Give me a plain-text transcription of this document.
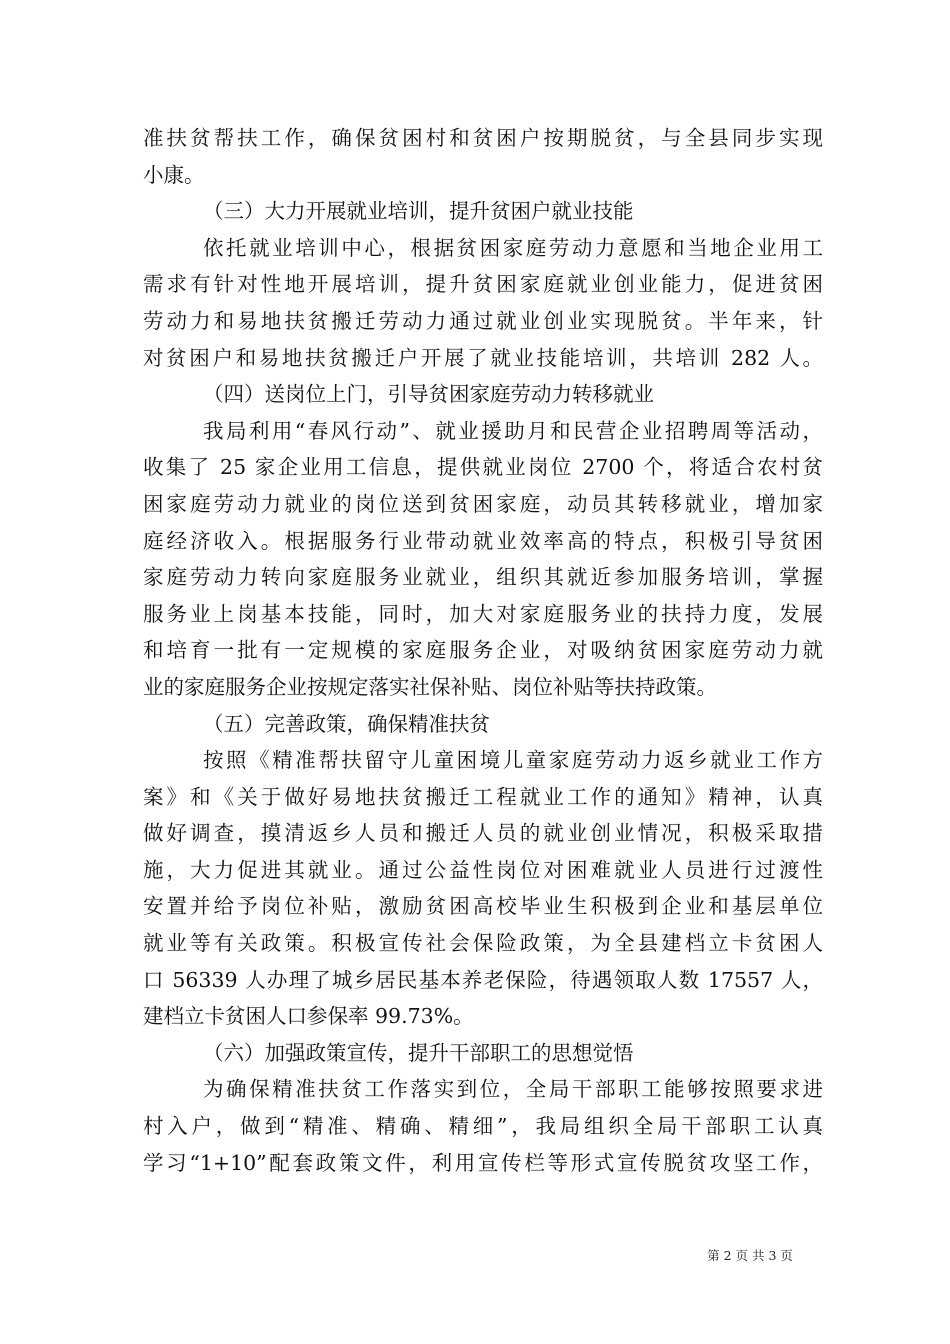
准扶贫帮扶工作，确保贫困村和贫困户按期脱贫，与全县同步实现
小康。
（三）大力开展就业培训，提升贫困户就业技能
依托就业培训中心，根据贫困家庭劳动力意愿和当地企业用工
需求有针对性地开展培训，提升贫困家庭就业创业能力，促进贫困
劳动力和易地扶贫搬迁劳动力通过就业创业实现脱贫。半年来，针
对贫困户和易地扶贫搬迁户开展了就业技能培训，共培训 282 人。
（四）送岗位上门，引导贫困家庭劳动力转移就业
我局利用“春风行动”、就业援助月和民营企业招聘周等活动，
收集了 25 家企业用工信息，提供就业岗位 2700 个，将适合农村贫
困家庭劳动力就业的岗位送到贫困家庭，动员其转移就业，增加家
庭经济收入。根据服务行业带动就业效率高的特点，积极引导贫困
家庭劳动力转向家庭服务业就业，组织其就近参加服务培训，掌握
服务业上岗基本技能，同时，加大对家庭服务业的扶持力度，发展
和培育一批有一定规模的家庭服务企业，对吸纳贫困家庭劳动力就
业的家庭服务企业按规定落实社保补贴、岗位补贴等扶持政策。
（五）完善政策，确保精准扶贫
按照《精准帮扶留守儿童困境儿童家庭劳动力返乡就业工作方
案》和《关于做好易地扶贫搬迁工程就业工作的通知》精神，认真
做好调查，摸清返乡人员和搬迁人员的就业创业情况，积极采取措
施，大力促进其就业。通过公益性岗位对困难就业人员进行过渡性
安置并给予岗位补贴，激励贫困高校毕业生积极到企业和基层单位
就业等有关政策。积极宣传社会保险政策，为全县建档立卡贫困人
口 56339 人办理了城乡居民基本养老保险，待遇领取人数 17557 人，
建档立卡贫困人口参保率 99.73%。
（六）加强政策宣传，提升干部职工的思想觉悟
为确保精准扶贫工作落实到位，全局干部职工能够按照要求进
村入户，做到“精准、精确、精细”，我局组织全局干部职工认真
学习“1+10”配套政策文件，利用宣传栏等形式宣传脱贫攻坚工作，
第 2 页 共 3 页
